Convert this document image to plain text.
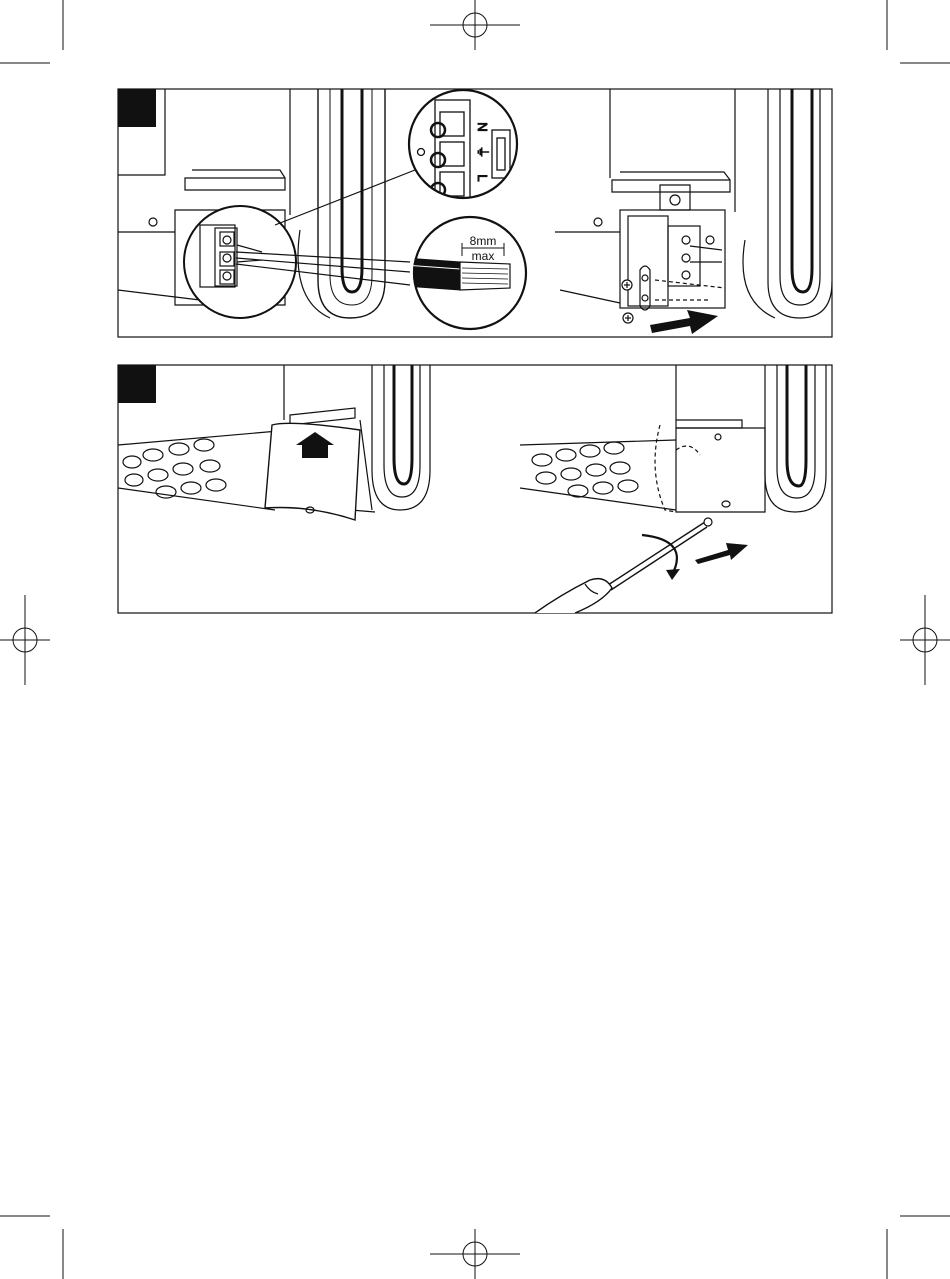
N
⏚
L
8mm
max
